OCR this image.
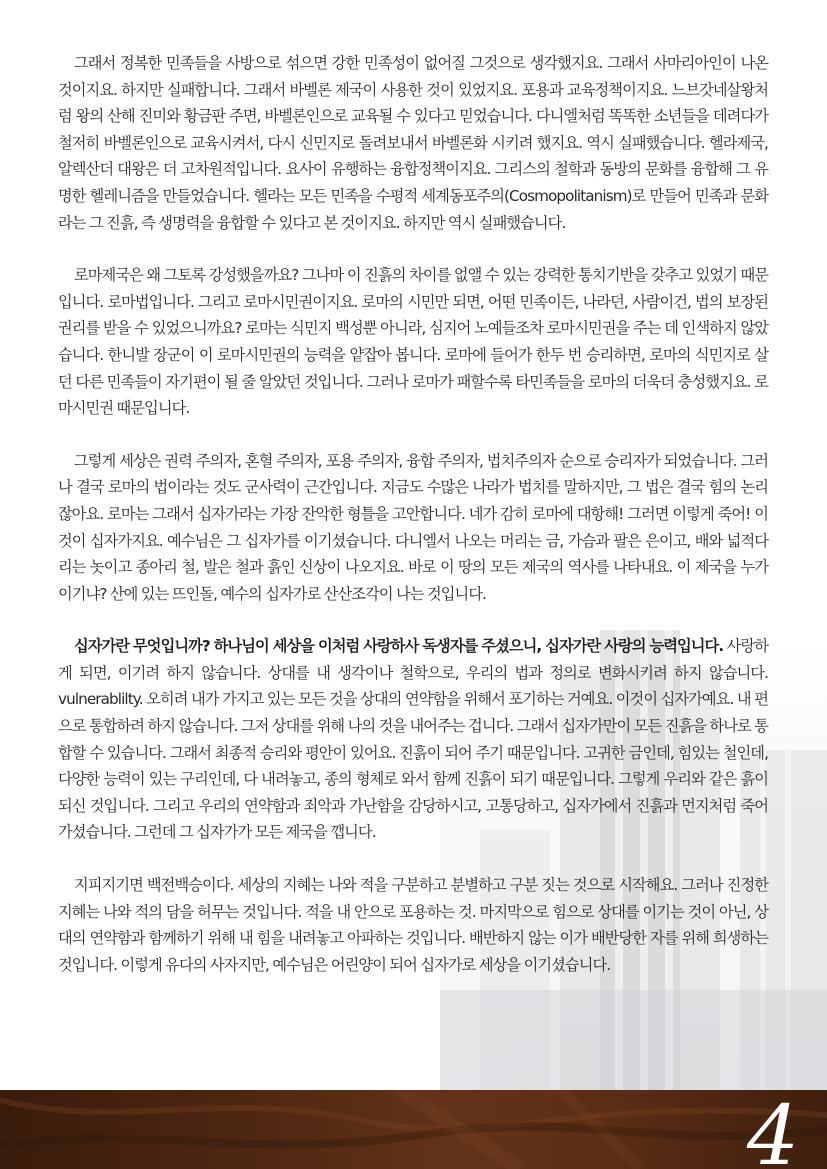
그래서 정복한 민족들을 사방으로 섞으면 강한 민족성이 없어질 그것으로 생각했지요. 그래서 사마리아인이 나온 것이지요. 하지만 실패합니다. 그래서 바벨론 제국이 사용한 것이 있었지요. 포용과 교육정책이지요. 느브갓네살왕처럼 왕의 산해 진미와 황금판 주면, 바벨론인으로 교육될 수 있다고 믿었습니다. 다니엘처럼 똑똑한 소년들을 데려다가 철저히 바벨론인으로 교육시켜서, 다시 신민지로 돌려보내서 바벨론화 시키려 했지요. 역시 실패했습니다. 헬라제국, 알렉산더 대왕은 더 고차원적입니다. 요사이 유행하는 융합정책이지요. 그리스의 철학과 동방의 문화를 융합해 그 유명한 헬레니즘을 만들었습니다. 헬라는 모든 민족을 수평적 세계동포주의(Cosmopolitanism)로 만들어 민족과 문화라는 그 진흙, 즉 생명력을 융합할 수 있다고 본 것이지요. 하지만 역시 실패했습니다.

로마제국은 왜 그토록 강성했을까요? 그나마 이 진흙의 차이를 없앨 수 있는 강력한 통치기반을 갖추고 있었기 때문입니다. 로마법입니다. 그리고 로마시민권이지요. 로마의 시민만 되면, 어떤 민족이든, 나라던, 사람이건, 법의 보장된 권리를 받을 수 있었으니까요? 로마는 식민지 백성뿐 아니라, 심지어 노예들조차 로마시민권을 주는 데 인색하지 않았습니다. 한니발 장군이 이 로마시민권의 능력을 얕잡아 봅니다. 로마에 들어가 한두 번 승리하면, 로마의 식민지로 살던 다른 민족들이 자기편이 될 줄 알았던 것입니다. 그러나 로마가 패할수록 타민족들을 로마의 더욱더 충성했지요. 로마시민권 때문입니다.

그렇게 세상은 권력 주의자, 혼혈 주의자, 포용 주의자, 융합 주의자, 법치주의자 순으로 승리자가 되었습니다. 그러나 결국 로마의 법이라는 것도 군사력이 근간입니다. 지금도 수많은 나라가 법치를 말하지만, 그 법은 결국 힘의 논리 잖아요. 로마는 그래서 십자가라는 가장 잔악한 형틀을 고안합니다. 네가 감히 로마에 대항해! 그러면 이렇게 죽어! 이것이 십자가지요. 예수님은 그 십자가를 이기셨습니다. 다니엘서 나오는 머리는 금, 가슴과 팔은 은이고, 배와 넓적다리는 놋이고 종아리 철, 발은 철과 흙인 신상이 나오지요. 바로 이 땅의 모든 제국의 역사를 나타내요. 이 제국을 누가 이기냐? 산에 있는 뜨인돌, 예수의 십자가로 산산조각이 나는 것입니다.

십자가란 무엇입니까? 하나님이 세상을 이처럼 사랑하사 독생자를 주셨으니, 십자가란 사랑의 능력입니다. 사랑하게 되면, 이기려 하지 않습니다. 상대를 내 생각이나 철학으로, 우리의 법과 정의로 변화시키려 하지 않습니다. vulnerablilty. 오히려 내가 가지고 있는 모든 것을 상대의 연약함을 위해서 포기하는 거예요. 이것이 십자가예요. 내 편으로 통합하려 하지 않습니다. 그저 상대를 위해 나의 것을 내어주는 겁니다. 그래서 십자가만이 모든 진흙을 하나로 통합할 수 있습니다. 그래서 최종적 승리와 평안이 있어요. 진흙이 되어 주기 때문입니다. 고귀한 금인데, 힘있는 철인데, 다양한 능력이 있는 구리인데, 다 내려놓고, 종의 형체로 와서 함께 진흙이 되기 때문입니다. 그렇게 우리와 같은 흙이 되신 것입니다. 그리고 우리의 연약함과 죄악과 가난함을 감당하시고, 고통당하고, 십자가에서 진흙과 먼지처럼 죽어가셨습니다. 그런데 그 십자가가 모든 제국을 깹니다.

지피지기면 백전백승이다. 세상의 지혜는 나와 적을 구분하고 분별하고 구분 짓는 것으로 시작해요. 그러나 진정한 지혜는 나와 적의 담을 허무는 것입니다. 적을 내 안으로 포용하는 것. 마지막으로 힘으로 상대를 이기는 것이 아닌, 상대의 연약함과 함께하기 위해 내 힘을 내려놓고 아파하는 것입니다. 배반하지 않는 이가 배반당한 자를 위해 희생하는 것입니다. 이렇게 유다의 사자지만, 예수님은 어린양이 되어 십자가로 세상을 이기셨습니다.

4
